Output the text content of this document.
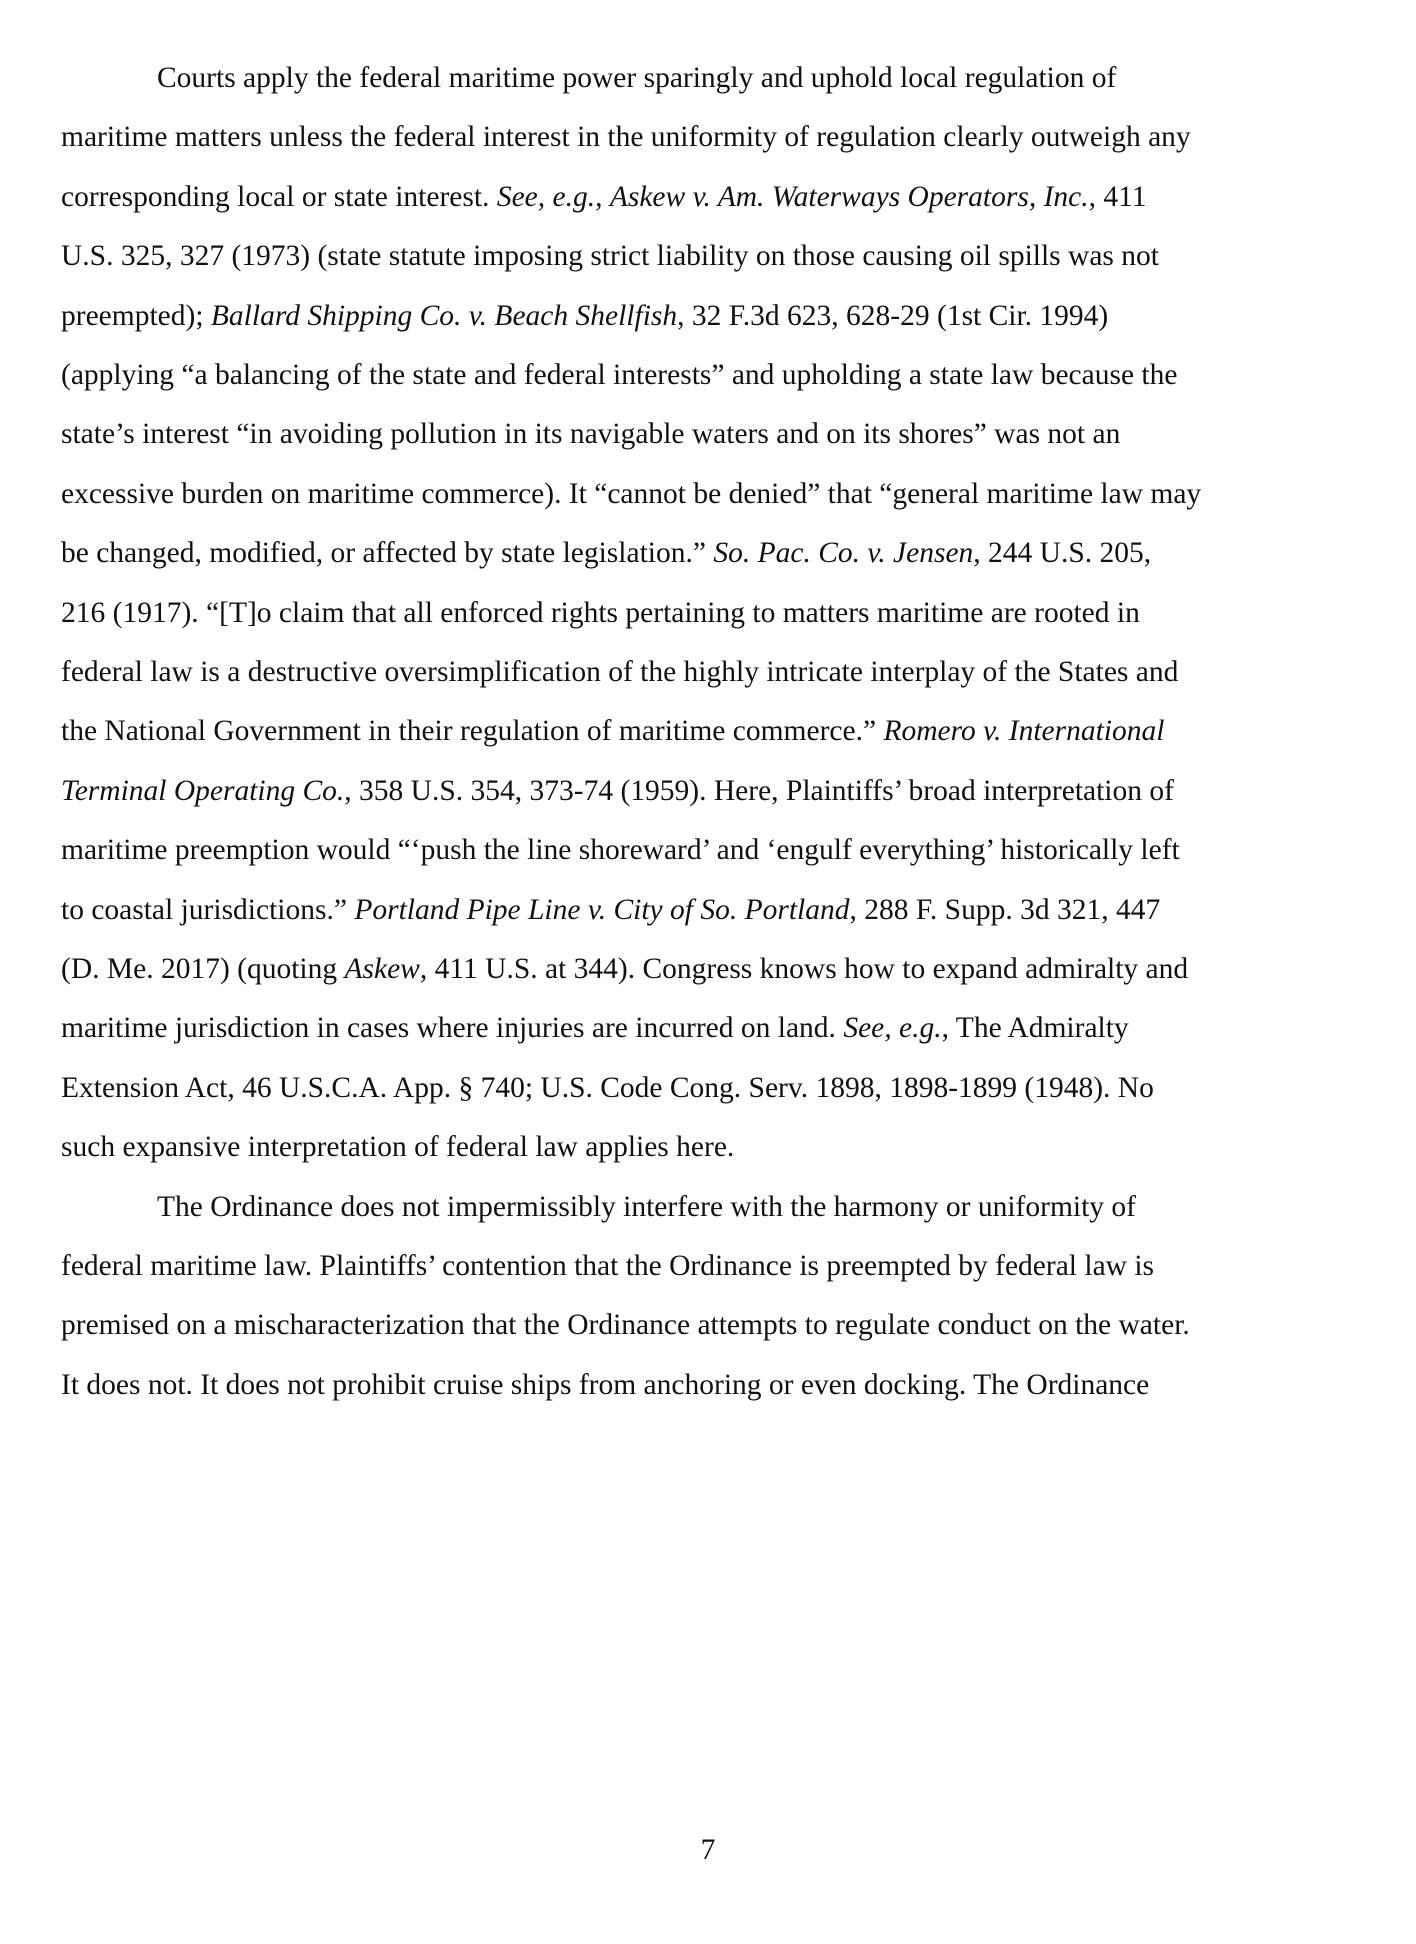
Courts apply the federal maritime power sparingly and uphold local regulation of
maritime matters unless the federal interest in the uniformity of regulation clearly outweigh any
corresponding local or state interest. See, e.g., Askew v. Am. Waterways Operators, Inc., 411
U.S. 325, 327 (1973) (state statute imposing strict liability on those causing oil spills was not
preempted); Ballard Shipping Co. v. Beach Shellfish, 32 F.3d 623, 628-29 (1st Cir. 1994)
(applying “a balancing of the state and federal interests” and upholding a state law because the
state’s interest “in avoiding pollution in its navigable waters and on its shores” was not an
excessive burden on maritime commerce). It “cannot be denied” that “general maritime law may
be changed, modified, or affected by state legislation.” So. Pac. Co. v. Jensen, 244 U.S. 205,
216 (1917). “[T]o claim that all enforced rights pertaining to matters maritime are rooted in
federal law is a destructive oversimplification of the highly intricate interplay of the States and
the National Government in their regulation of maritime commerce.” Romero v. International
Terminal Operating Co., 358 U.S. 354, 373-74 (1959). Here, Plaintiffs’ broad interpretation of
maritime preemption would “‘push the line shoreward’ and ‘engulf everything’ historically left
to coastal jurisdictions.” Portland Pipe Line v. City of So. Portland, 288 F. Supp. 3d 321, 447
(D. Me. 2017) (quoting Askew, 411 U.S. at 344). Congress knows how to expand admiralty and
maritime jurisdiction in cases where injuries are incurred on land. See, e.g., The Admiralty
Extension Act, 46 U.S.C.A. App. § 740; U.S. Code Cong. Serv. 1898, 1898-1899 (1948). No
such expansive interpretation of federal law applies here.
The Ordinance does not impermissibly interfere with the harmony or uniformity of
federal maritime law. Plaintiffs’ contention that the Ordinance is preempted by federal law is
premised on a mischaracterization that the Ordinance attempts to regulate conduct on the water.
It does not. It does not prohibit cruise ships from anchoring or even docking. The Ordinance
7
